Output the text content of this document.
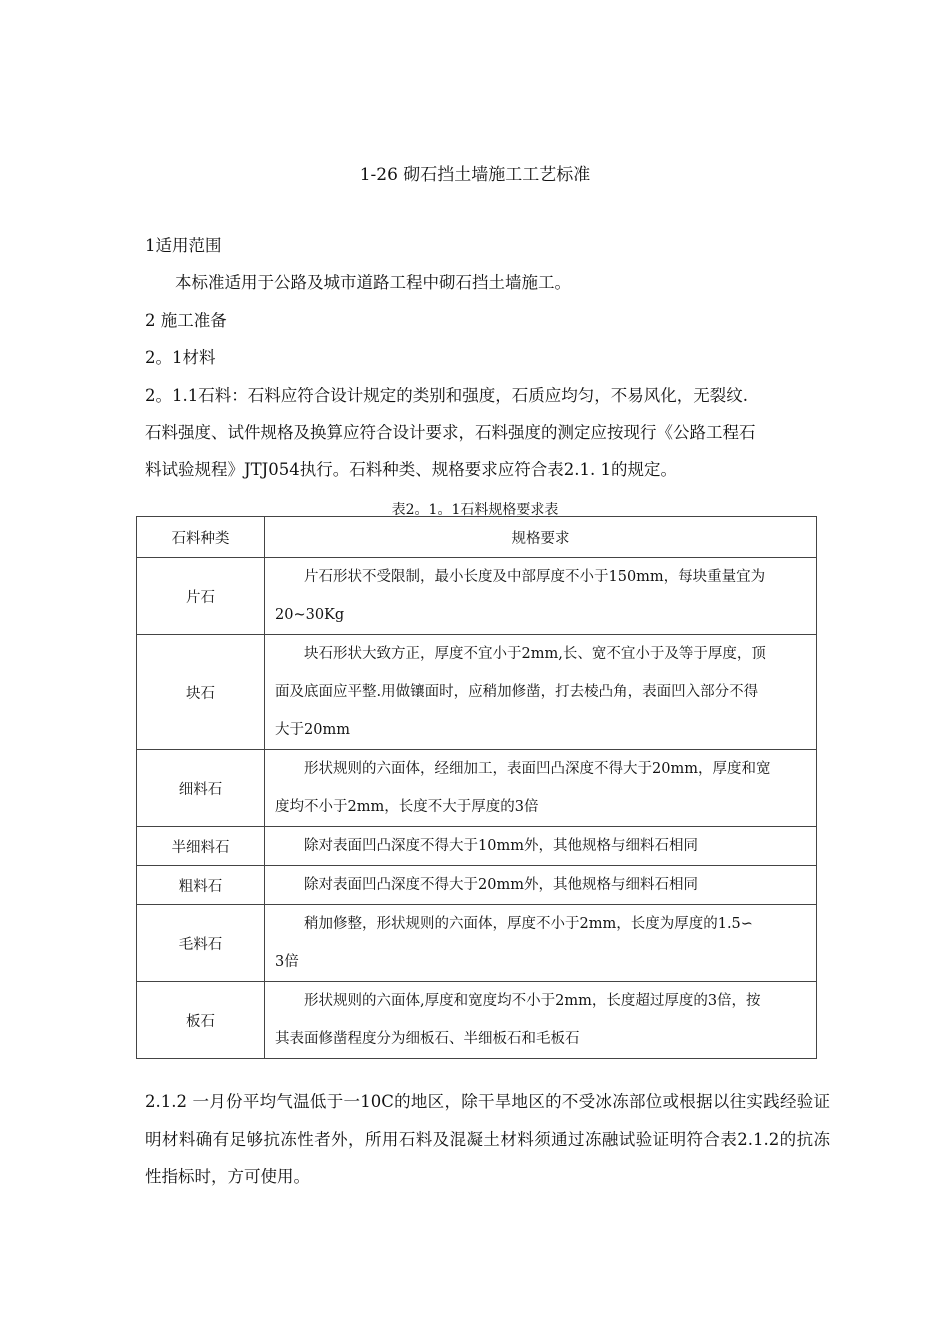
1-26 砌石挡土墙施工工艺标准
1适用范围
本标准适用于公路及城市道路工程中砌石挡土墙施工。
2 施工准备
2。1材料
2。1.1石料：石料应符合设计规定的类别和强度，石质应均匀，不易风化，无裂纹.
石料强度、试件规格及换算应符合设计要求，石料强度的测定应按现行《公路工程石
料试验规程》JTJ054执行。石料种类、规格要求应符合表2.1. 1的规定。
表2。1。1石料规格要求表
石料种类	规格要求
片石	　　片石形状不受限制，最小长度及中部厚度不小于150mm，每块重量宜为
20~30Kg

块石	　　块石形状大致方正，厚度不宜小于2mm,长、宽不宜小于及等于厚度，顶
面及底面应平整.用做镶面时，应稍加修凿，打去棱凸角，表面凹入部分不得
大于20mm

细料石	　　形状规则的六面体，经细加工，表面凹凸深度不得大于20mm，厚度和宽
度均不小于2mm，长度不大于厚度的3倍

半细料石	　　除对表面凹凸深度不得大于10mm外，其他规格与细料石相同

粗料石	　　除对表面凹凸深度不得大于20mm外，其他规格与细料石相同

毛料石	　　稍加修整，形状规则的六面体，厚度不小于2mm，长度为厚度的1.5∽
3倍

板石	　　形状规则的六面体,厚度和宽度均不小于2mm，长度超过厚度的3倍，按
其表面修凿程度分为细板石、半细板石和毛板石
2.1.2 一月份平均气温低于一10C的地区，除干旱地区的不受冰冻部位或根据以往实践经验证明材料确有足够抗冻性者外，所用石料及混凝土材料须通过冻融试验证明符合表2.1.2的抗冻性指标时，方可使用。
